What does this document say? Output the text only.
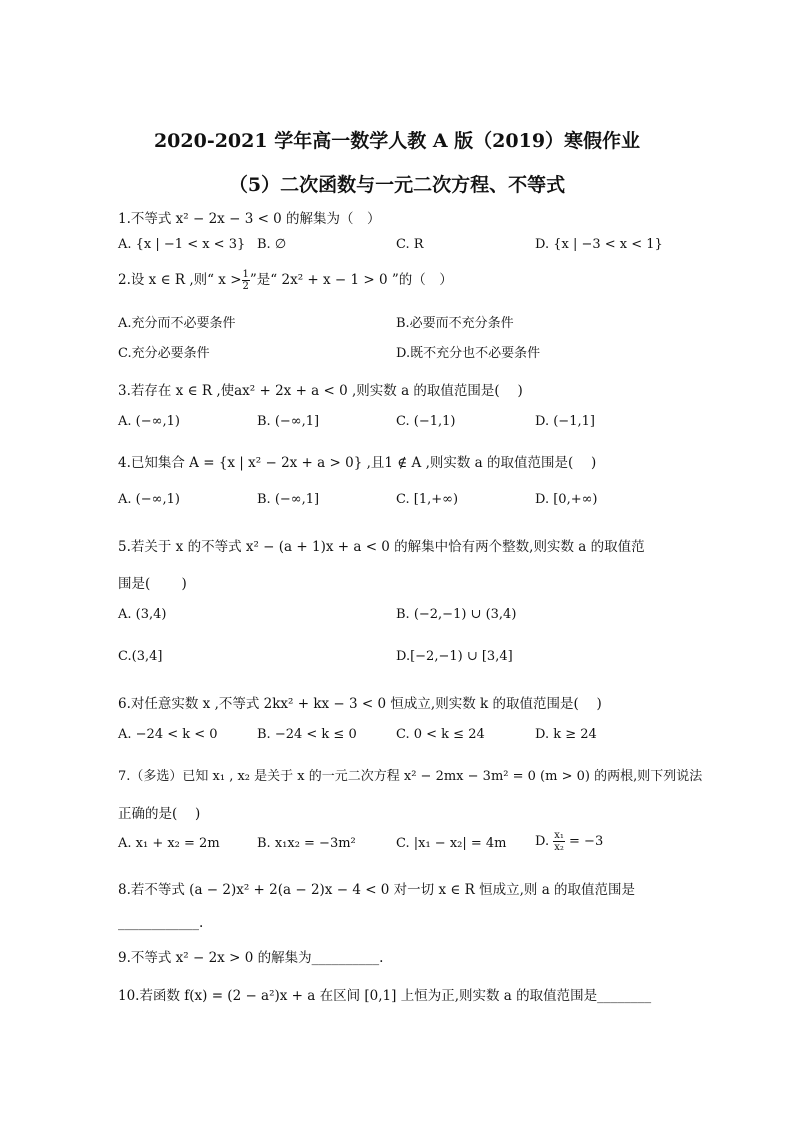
2020-2021 学年高一数学人教 A 版（2019）寒假作业
（5）二次函数与一元二次方程、不等式
1.不等式 x² − 2x − 3 < 0 的解集为（　）
A. {x | −1 < x < 3} B. ∅	C. R	D. {x | −3 < x < 1}
2.设 x ∈ R ,则“ $x > \frac{1}{2}$ ”是“ 2x² + x − 1 > 0 ”的（　）
A.充分而不必要条件	B.必要而不充分条件
C.充分必要条件	D.既不充分也不必要条件
3.若存在 x ∈ R ,使ax² + 2x + a < 0 ,则实数 a 的取值范围是(　 )
A. (−∞,1)	B. (−∞,1]	C. (−1,1)	D. (−1,1]
4.已知集合 A = {x | x² − 2x + a > 0} ,且1 ∉ A ,则实数 a 的取值范围是(　 )
A. (−∞,1)	B. (−∞,1]	C. [1,+∞)	D. [0,+∞)
5.若关于 x 的不等式 x² − (a + 1)x + a < 0 的解集中恰有两个整数,则实数 a 的取值范
围是(　 　)
A. (3,4)	B. (−2,−1) ∪ (3,4)
C.(3,4]	D.[−2,−1) ∪ [3,4]
6.对任意实数 x ,不等式 2kx² + kx − 3 < 0 恒成立,则实数 k 的取值范围是(　 )
A. −24 < k < 0	B. −24 < k ≤ 0	C. 0 < k ≤ 24	D. k ≥ 24
7.（多选）已知 x₁ , x₂ 是关于 x 的一元二次方程 x² − 2mx − 3m² = 0 (m > 0) 的两根,则下列说法
正确的是(　 )
A. x₁ + x₂ = 2m	B. x₁x₂ = −3m²	C. |x₁ − x₂| = 4m D. $\frac{\text{x₁}}{\text{x₂}} = -3$
8.若不等式 (a − 2)x² + 2(a − 2)x − 4 < 0 对一切 x ∈ R 恒成立,则 a 的取值范围是
____________.
9.不等式 x² − 2x > 0 的解集为__________.
10.若函数 f(x) = (2 − a²)x + a 在区间 [0,1] 上恒为正,则实数 a 的取值范围是________
